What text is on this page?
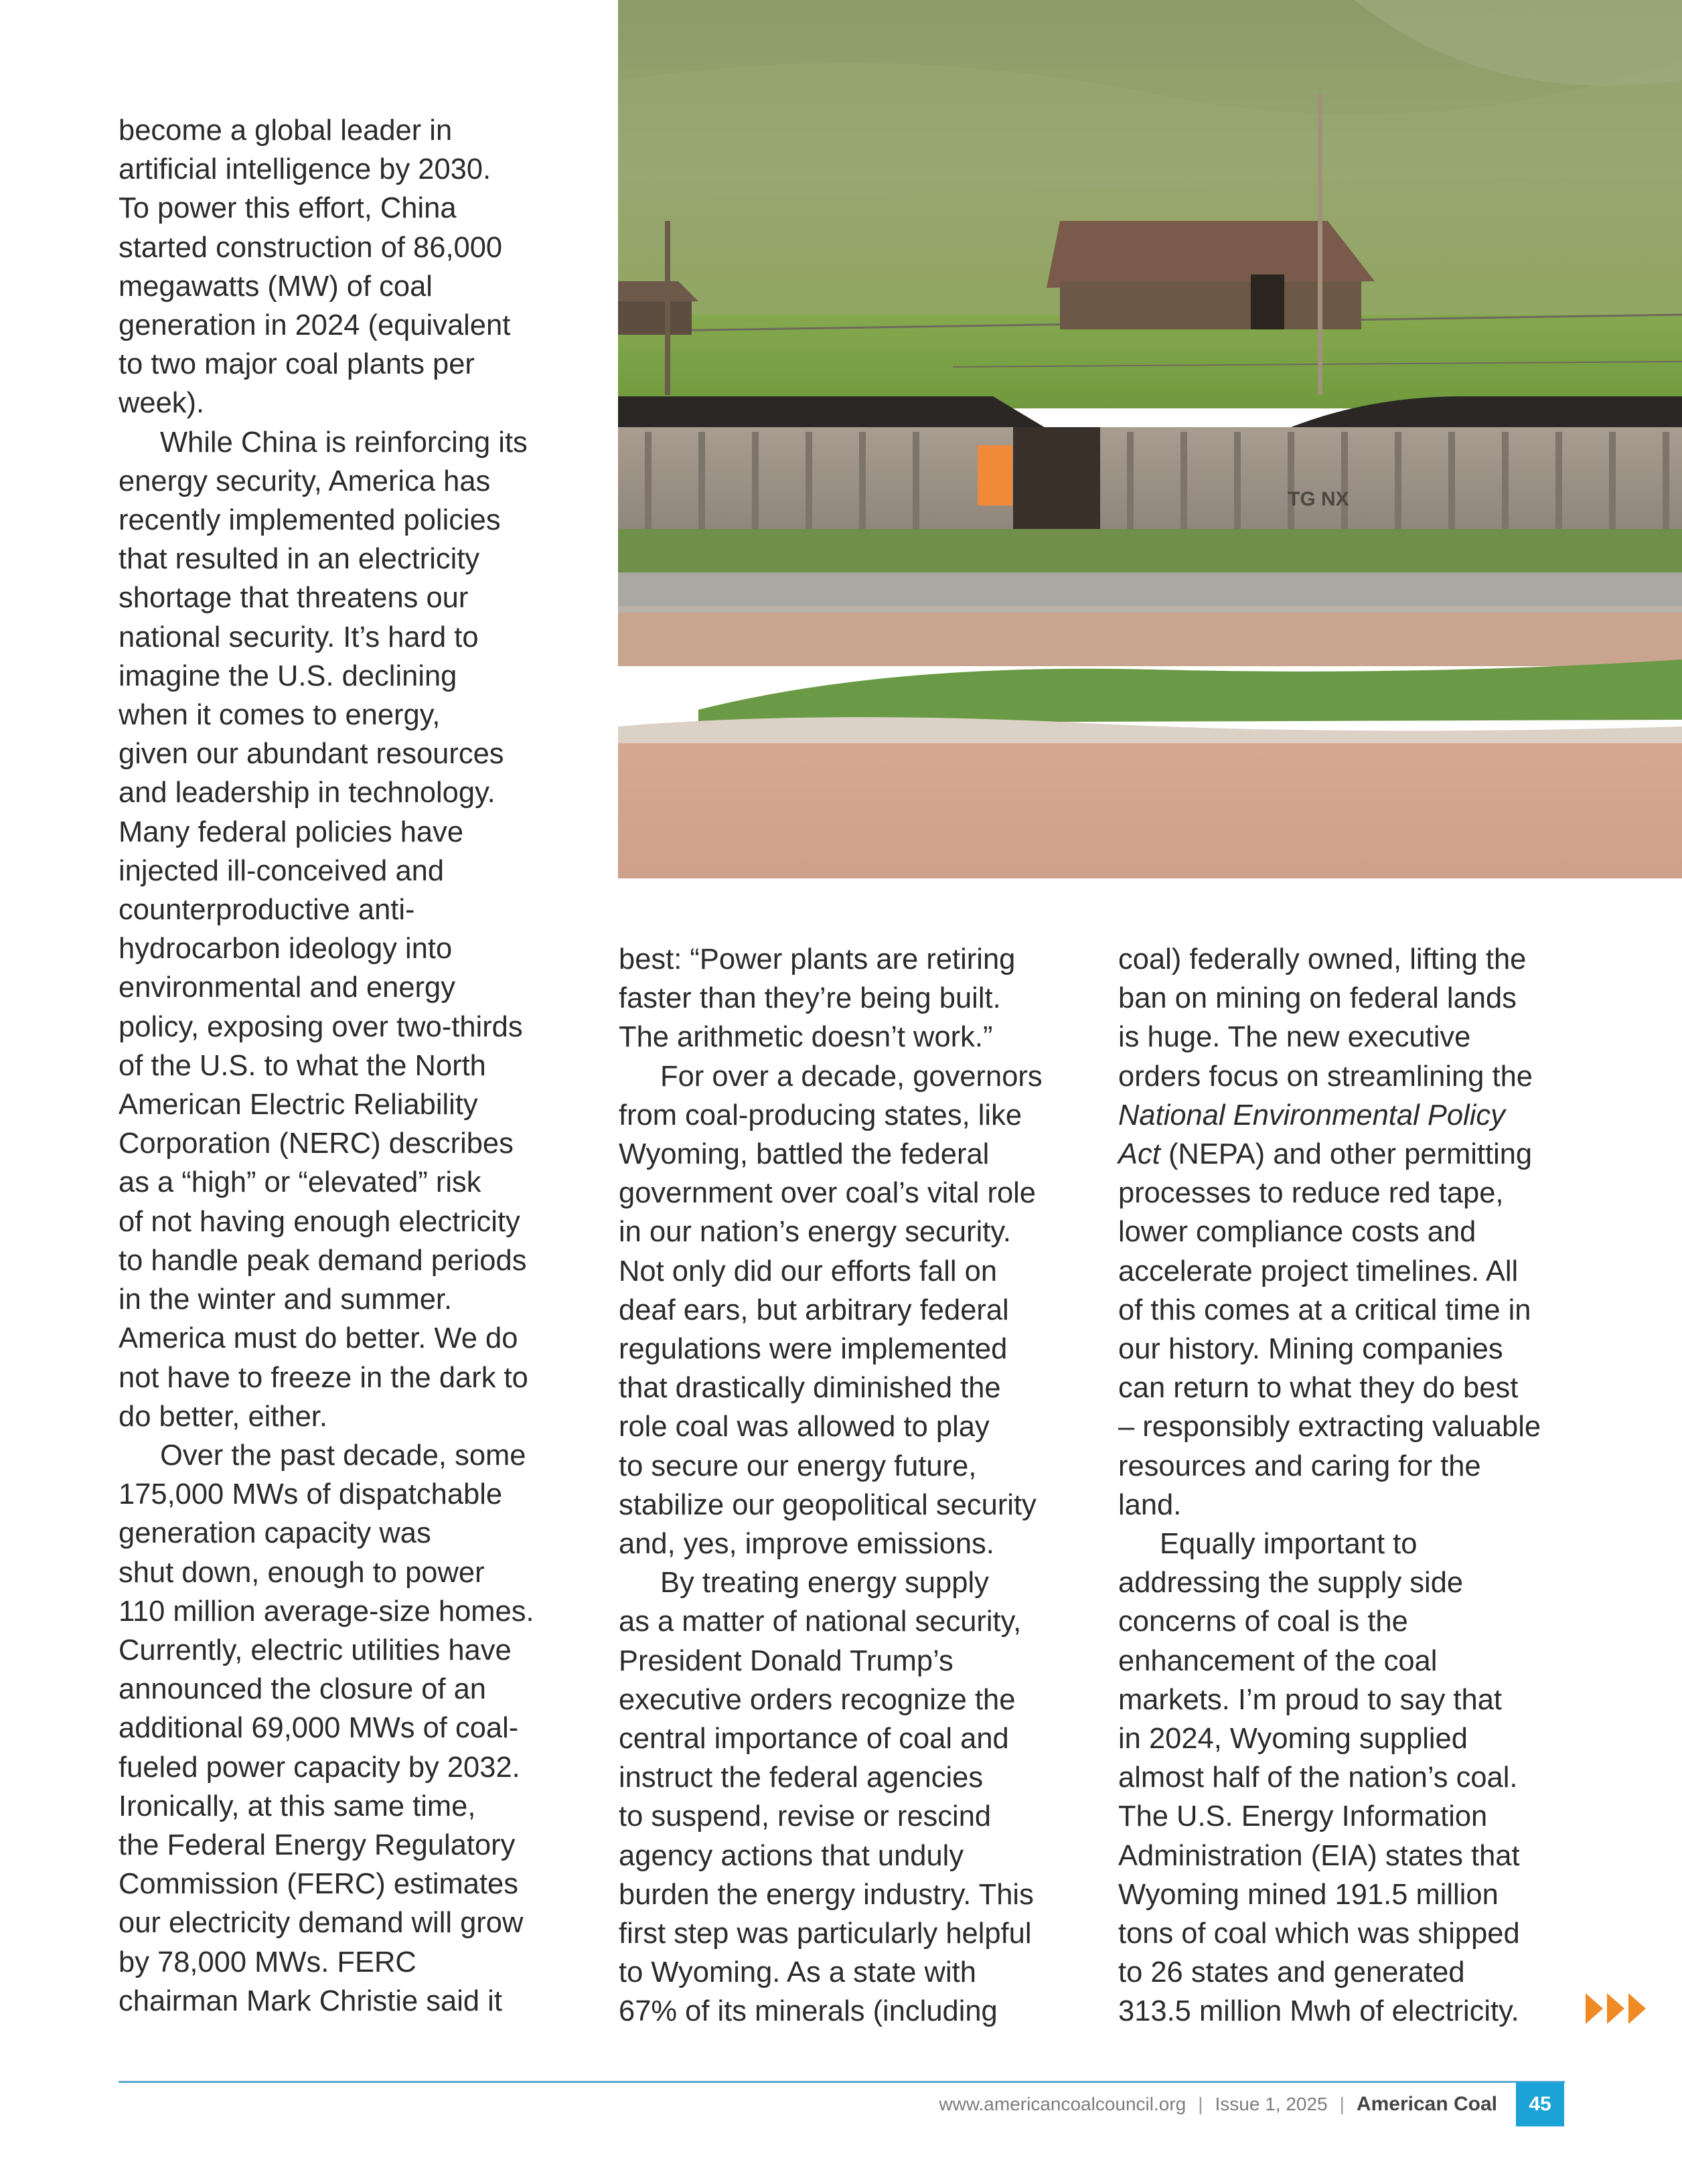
become a global leader in
artificial intelligence by 2030.
To power this effort, China
started construction of 86,000
megawatts (MW) of coal
generation in 2024 (equivalent
to two major coal plants per
week).
While China is reinforcing its
energy security, America has
recently implemented policies
that resulted in an electricity
shortage that threatens our
national security. It’s hard to
imagine the U.S. declining
when it comes to energy,
given our abundant resources
and leadership in technology.
Many federal policies have
injected ill-conceived and
counterproductive anti-
hydrocarbon ideology into
environmental and energy
policy, exposing over two-thirds
of the U.S. to what the North
American Electric Reliability
Corporation (NERC) describes
as a “high” or “elevated” risk
of not having enough electricity
to handle peak demand periods
in the winter and summer.
America must do better. We do
not have to freeze in the dark to
do better, either.
Over the past decade, some
175,000 MWs of dispatchable
generation capacity was
shut down, enough to power
110 million average-size homes.
Currently, electric utilities have
announced the closure of an
additional 69,000 MWs of coal-
fueled power capacity by 2032.
Ironically, at this same time,
the Federal Energy Regulatory
Commission (FERC) estimates
our electricity demand will grow
by 78,000 MWs. FERC
chairman Mark Christie said it
TG NX
best: “Power plants are retiring
faster than they’re being built.
The arithmetic doesn’t work.”
For over a decade, governors
from coal-producing states, like
Wyoming, battled the federal
government over coal’s vital role
in our nation’s energy security.
Not only did our efforts fall on
deaf ears, but arbitrary federal
regulations were implemented
that drastically diminished the
role coal was allowed to play
to secure our energy future,
stabilize our geopolitical security
and, yes, improve emissions.
By treating energy supply
as a matter of national security,
President Donald Trump’s
executive orders recognize the
central importance of coal and
instruct the federal agencies
to suspend, revise or rescind
agency actions that unduly
burden the energy industry. This
first step was particularly helpful
to Wyoming. As a state with
67% of its minerals (including
coal) federally owned, lifting the
ban on mining on federal lands
is huge. The new executive
orders focus on streamlining the
National Environmental Policy
Act (NEPA) and other permitting
processes to reduce red tape,
lower compliance costs and
accelerate project timelines. All
of this comes at a critical time in
our history. Mining companies
can return to what they do best
– responsibly extracting valuable
resources and caring for the
land.
Equally important to
addressing the supply side
concerns of coal is the
enhancement of the coal
markets. I’m proud to say that
in 2024, Wyoming supplied
almost half of the nation’s coal.
The U.S. Energy Information
Administration (EIA) states that
Wyoming mined 191.5 million
tons of coal which was shipped
to 26 states and generated
313.5 million Mwh of electricity.
www.americancoalcouncil.org | Issue 1, 2025 | American Coal	45
